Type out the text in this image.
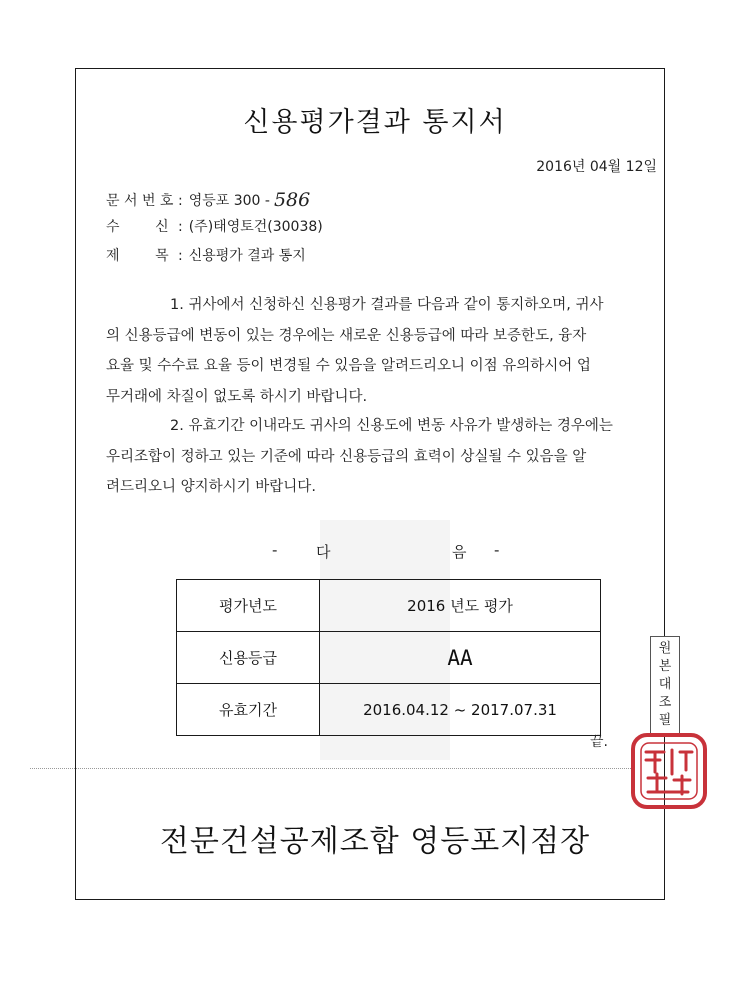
신용평가결과 통지서
2016년 04월 12일
문 서 번 호 : 영등포 300 - 586
수        신 : (주)태영토건(30038)
제        목 : 신용평가 결과 통지

1. 귀사에서 신청하신 신용평가 결과를 다음과 같이 통지하오며, 귀사
의 신용등급에 변동이 있는 경우에는 새로운 신용등급에 따라 보증한도, 융자
요율 및 수수료 요율 등이 변경될 수 있음을 알려드리오니 이점 유의하시어 업
무거래에 차질이 없도록 하시기 바랍니다.

2. 유효기간 이내라도 귀사의 신용도에 변동 사유가 발생하는 경우에는
우리조합이 정하고 있는 기준에 따라 신용등급의 효력이 상실될 수 있음을 알
려드리오니 양지하시기 바랍니다.

-	다	음 -
평가년도	2016 년도 평가
신용등급	AA
유효기간	2016.04.12 ~ 2017.07.31
끝.
전문건설공제조합 영등포지점장
원
본
대
조
필
